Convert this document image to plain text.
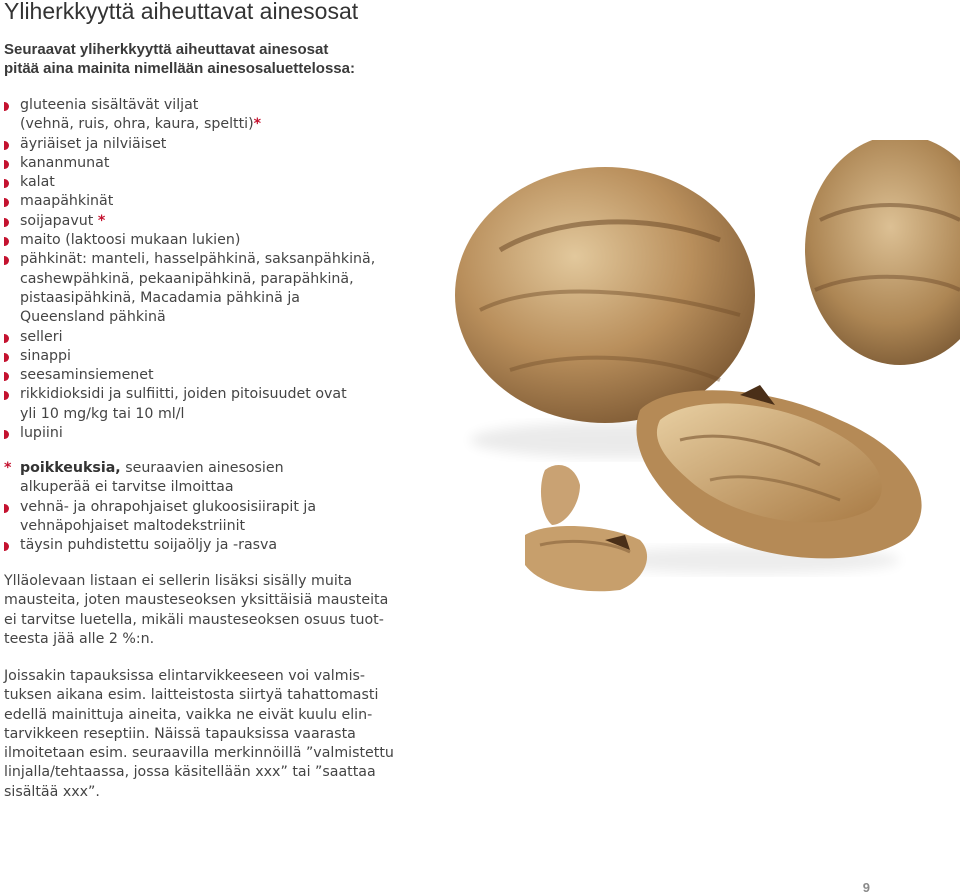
Yliherkkyyttä aiheuttavat ainesosat

Seuraavat yliherkkyyttä aiheuttavat ainesosat
pitää aina mainita nimellään ainesosaluettelossa:

gluteenia sisältävät viljat
(vehnä, ruis, ohra, kaura, speltti)*
äyriäiset ja nilviäiset
kananmunat
kalat
maapähkinät
soijapavut *
maito (laktoosi mukaan lukien)
pähkinät: manteli, hasselpähkinä, saksanpähkinä,
cashewpähkinä, pekaanipähkinä, parapähkinä,
pistaasipähkinä, Macadamia pähkinä ja
Queensland pähkinä
selleri
sinappi
seesaminsiemenet
rikkidioksidi ja sulfiitti, joiden pitoisuudet ovat
yli 10 mg/kg tai 10 ml/l
lupiini
* poikkeuksia, seuraavien ainesosien
alkuperää ei tarvitse ilmoittaa
vehnä- ja ohrapohjaiset glukoosisiirapit ja
vehnäpohjaiset maltodekstriinit
täysin puhdistettu soijaöljy ja -rasva

Ylläolevaan listaan ei sellerin lisäksi sisälly muita
mausteita, joten mausteseoksen yksittäisiä mausteita
ei tarvitse luetella, mikäli mausteseoksen osuus tuot-
teesta jää alle 2 %:n.

Joissakin tapauksissa elintarvikkeeseen voi valmis-
tuksen aikana esim. laitteistosta siirtyä tahattomasti
edellä mainittuja aineita, vaikka ne eivät kuulu elin-
tarvikkeen reseptiin. Näissä tapauksissa vaarasta
ilmoitetaan esim. seuraavilla merkinnöillä ”valmistettu
linjalla/tehtaassa, jossa käsitellään xxx” tai ”saattaa
sisältää xxx”.

9
